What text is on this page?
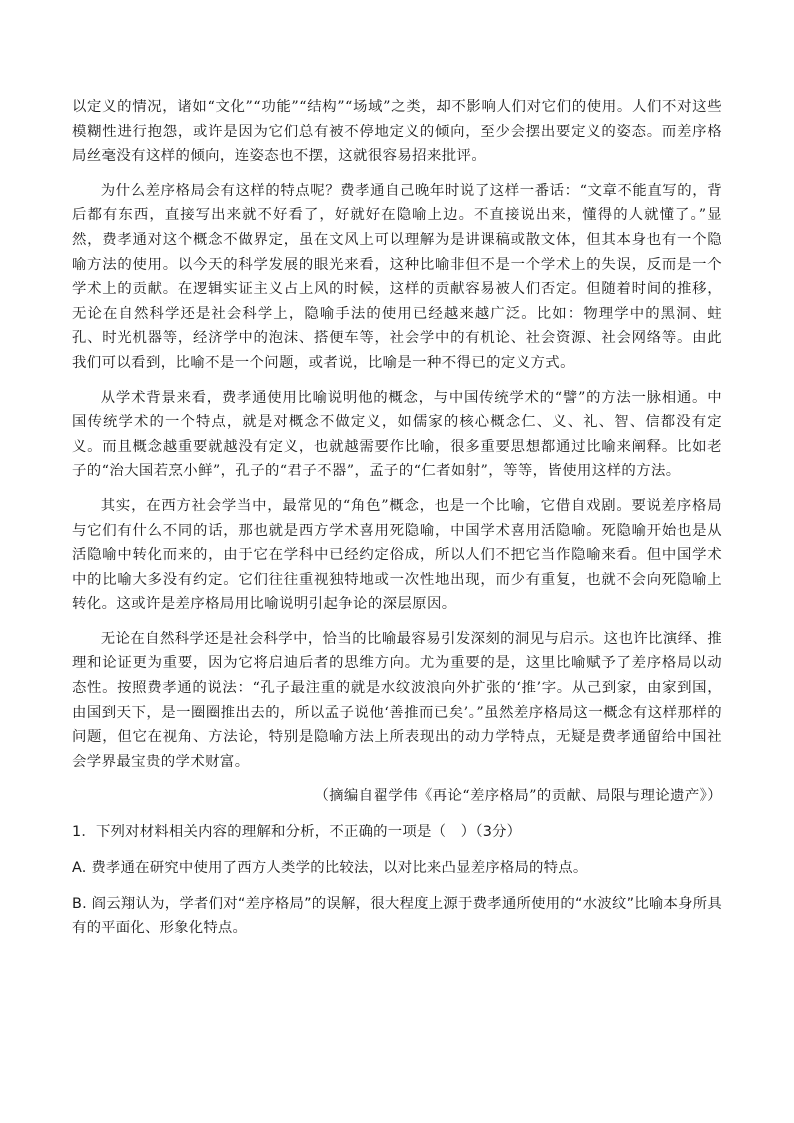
以定义的情况，诸如“文化”“功能”“结构”“场域”之类，却不影响人们对它们的使用。人们不对这些模糊性进行抱怨，或许是因为它们总有被不停地定义的倾向，至少会摆出要定义的姿态。而差序格局丝毫没有这样的倾向，连姿态也不摆，这就很容易招来批评。

为什么差序格局会有这样的特点呢？费孝通自己晚年时说了这样一番话：“文章不能直写的，背后都有东西，直接写出来就不好看了，好就好在隐喻上边。不直接说出来，懂得的人就懂了。”显然，费孝通对这个概念不做界定，虽在文风上可以理解为是讲课稿或散文体，但其本身也有一个隐喻方法的使用。以今天的科学发展的眼光来看，这种比喻非但不是一个学术上的失误，反而是一个学术上的贡献。在逻辑实证主义占上风的时候，这样的贡献容易被人们否定。但随着时间的推移，无论在自然科学还是社会科学上，隐喻手法的使用已经越来越广泛。比如：物理学中的黑洞、蛀孔、时光机器等，经济学中的泡沫、搭便车等，社会学中的有机论、社会资源、社会网络等。由此我们可以看到，比喻不是一个问题，或者说，比喻是一种不得已的定义方式。

从学术背景来看，费孝通使用比喻说明他的概念，与中国传统学术的“譬”的方法一脉相通。中国传统学术的一个特点，就是对概念不做定义，如儒家的核心概念仁、义、礼、智、信都没有定义。而且概念越重要就越没有定义，也就越需要作比喻，很多重要思想都通过比喻来阐释。比如老子的“治大国若烹小鲜”，孔子的“君子不器”，孟子的“仁者如射”，等等，皆使用这样的方法。

其实，在西方社会学当中，最常见的“角色”概念，也是一个比喻，它借自戏剧。要说差序格局与它们有什么不同的话，那也就是西方学术喜用死隐喻，中国学术喜用活隐喻。死隐喻开始也是从活隐喻中转化而来的，由于它在学科中已经约定俗成，所以人们不把它当作隐喻来看。但中国学术中的比喻大多没有约定。它们往往重视独特地或一次性地出现，而少有重复，也就不会向死隐喻上转化。这或许是差序格局用比喻说明引起争论的深层原因。

无论在自然科学还是社会科学中，恰当的比喻最容易引发深刻的洞见与启示。这也许比演绎、推理和论证更为重要，因为它将启迪后者的思维方向。尤为重要的是，这里比喻赋予了差序格局以动态性。按照费孝通的说法：“孔子最注重的就是水纹波浪向外扩张的‘推’字。从己到家，由家到国，由国到天下，是一圈圈推出去的，所以孟子说他‘善推而已矣’。”虽然差序格局这一概念有这样那样的问题，但它在视角、方法论，特别是隐喻方法上所表现出的动力学特点，无疑是费孝通留给中国社会学界最宝贵的学术财富。

（摘编自翟学伟《再论“差序格局”的贡献、局限与理论遗产》）

1．下列对材料相关内容的理解和分析，不正确的一项是（　）（3分）

A. 费孝通在研究中使用了西方人类学的比较法，以对比来凸显差序格局的特点。

B. 阎云翔认为，学者们对“差序格局”的误解，很大程度上源于费孝通所使用的“水波纹”比喻本身所具有的平面化、形象化特点。
